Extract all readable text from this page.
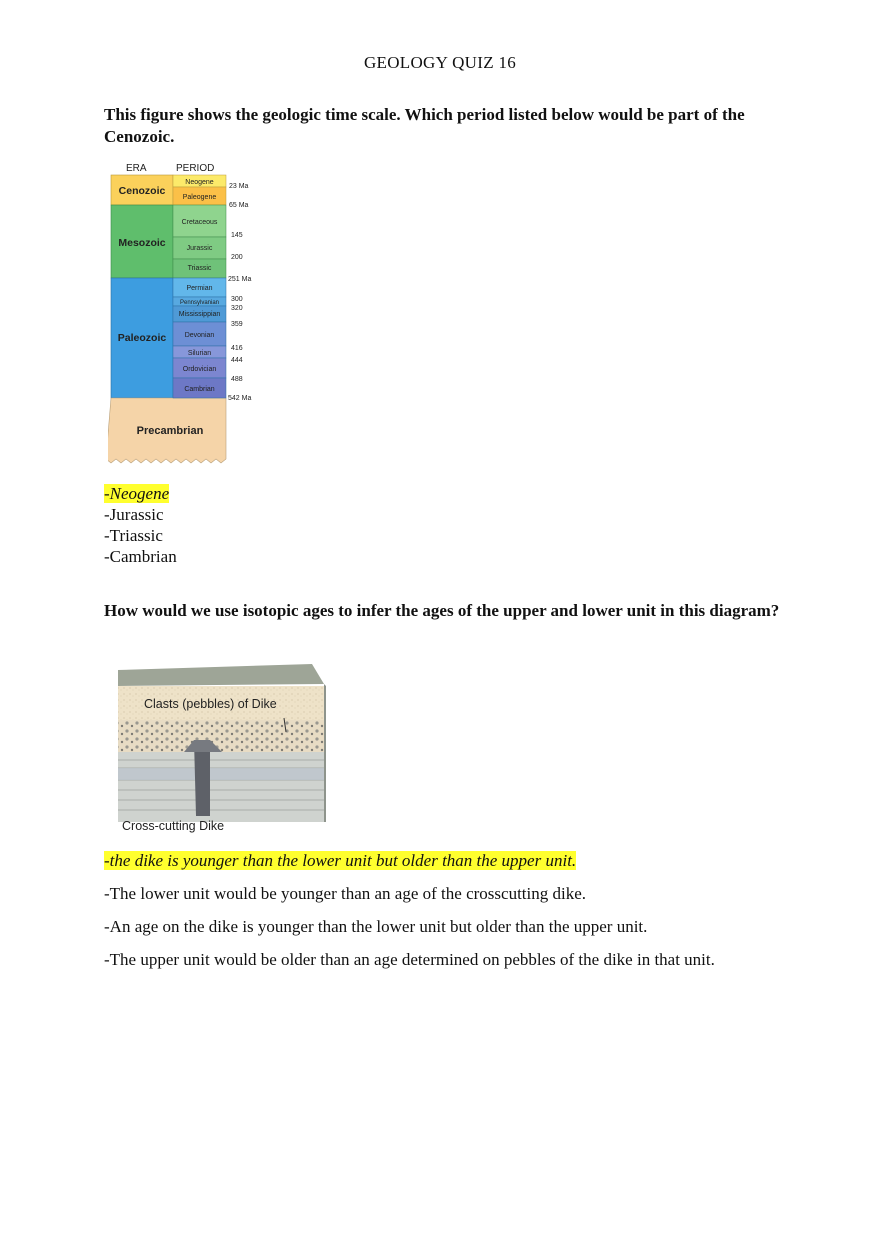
GEOLOGY QUIZ 16
This figure shows the geologic time scale. Which period listed below would be part of the Cenozoic.
ERA	PERIOD
Cenozoic
Mesozoic
Paleozoic
Precambrian
Neogene
Paleogene
Cretaceous
Jurassic
Triassic
Permian
Pennsylvanian
Mississippian
Devonian
Silurian
Ordovician
Cambrian
23 Ma
65 Ma
145
200
251 Ma
300
320
359
416
444
488
542 Ma
-Neogene
-Jurassic
-Triassic
-Cambrian
How would we use isotopic ages to infer the ages of the upper and lower unit in this diagram?
Clasts (pebbles) of Dike
Cross-cutting Dike
-the dike is younger than the lower unit but older than the upper unit.
-The lower unit would be younger than an age of the crosscutting dike.
-An age on the dike is younger than the lower unit but older than the upper unit.
-The upper unit would be older than an age determined on pebbles of the dike in that unit.
